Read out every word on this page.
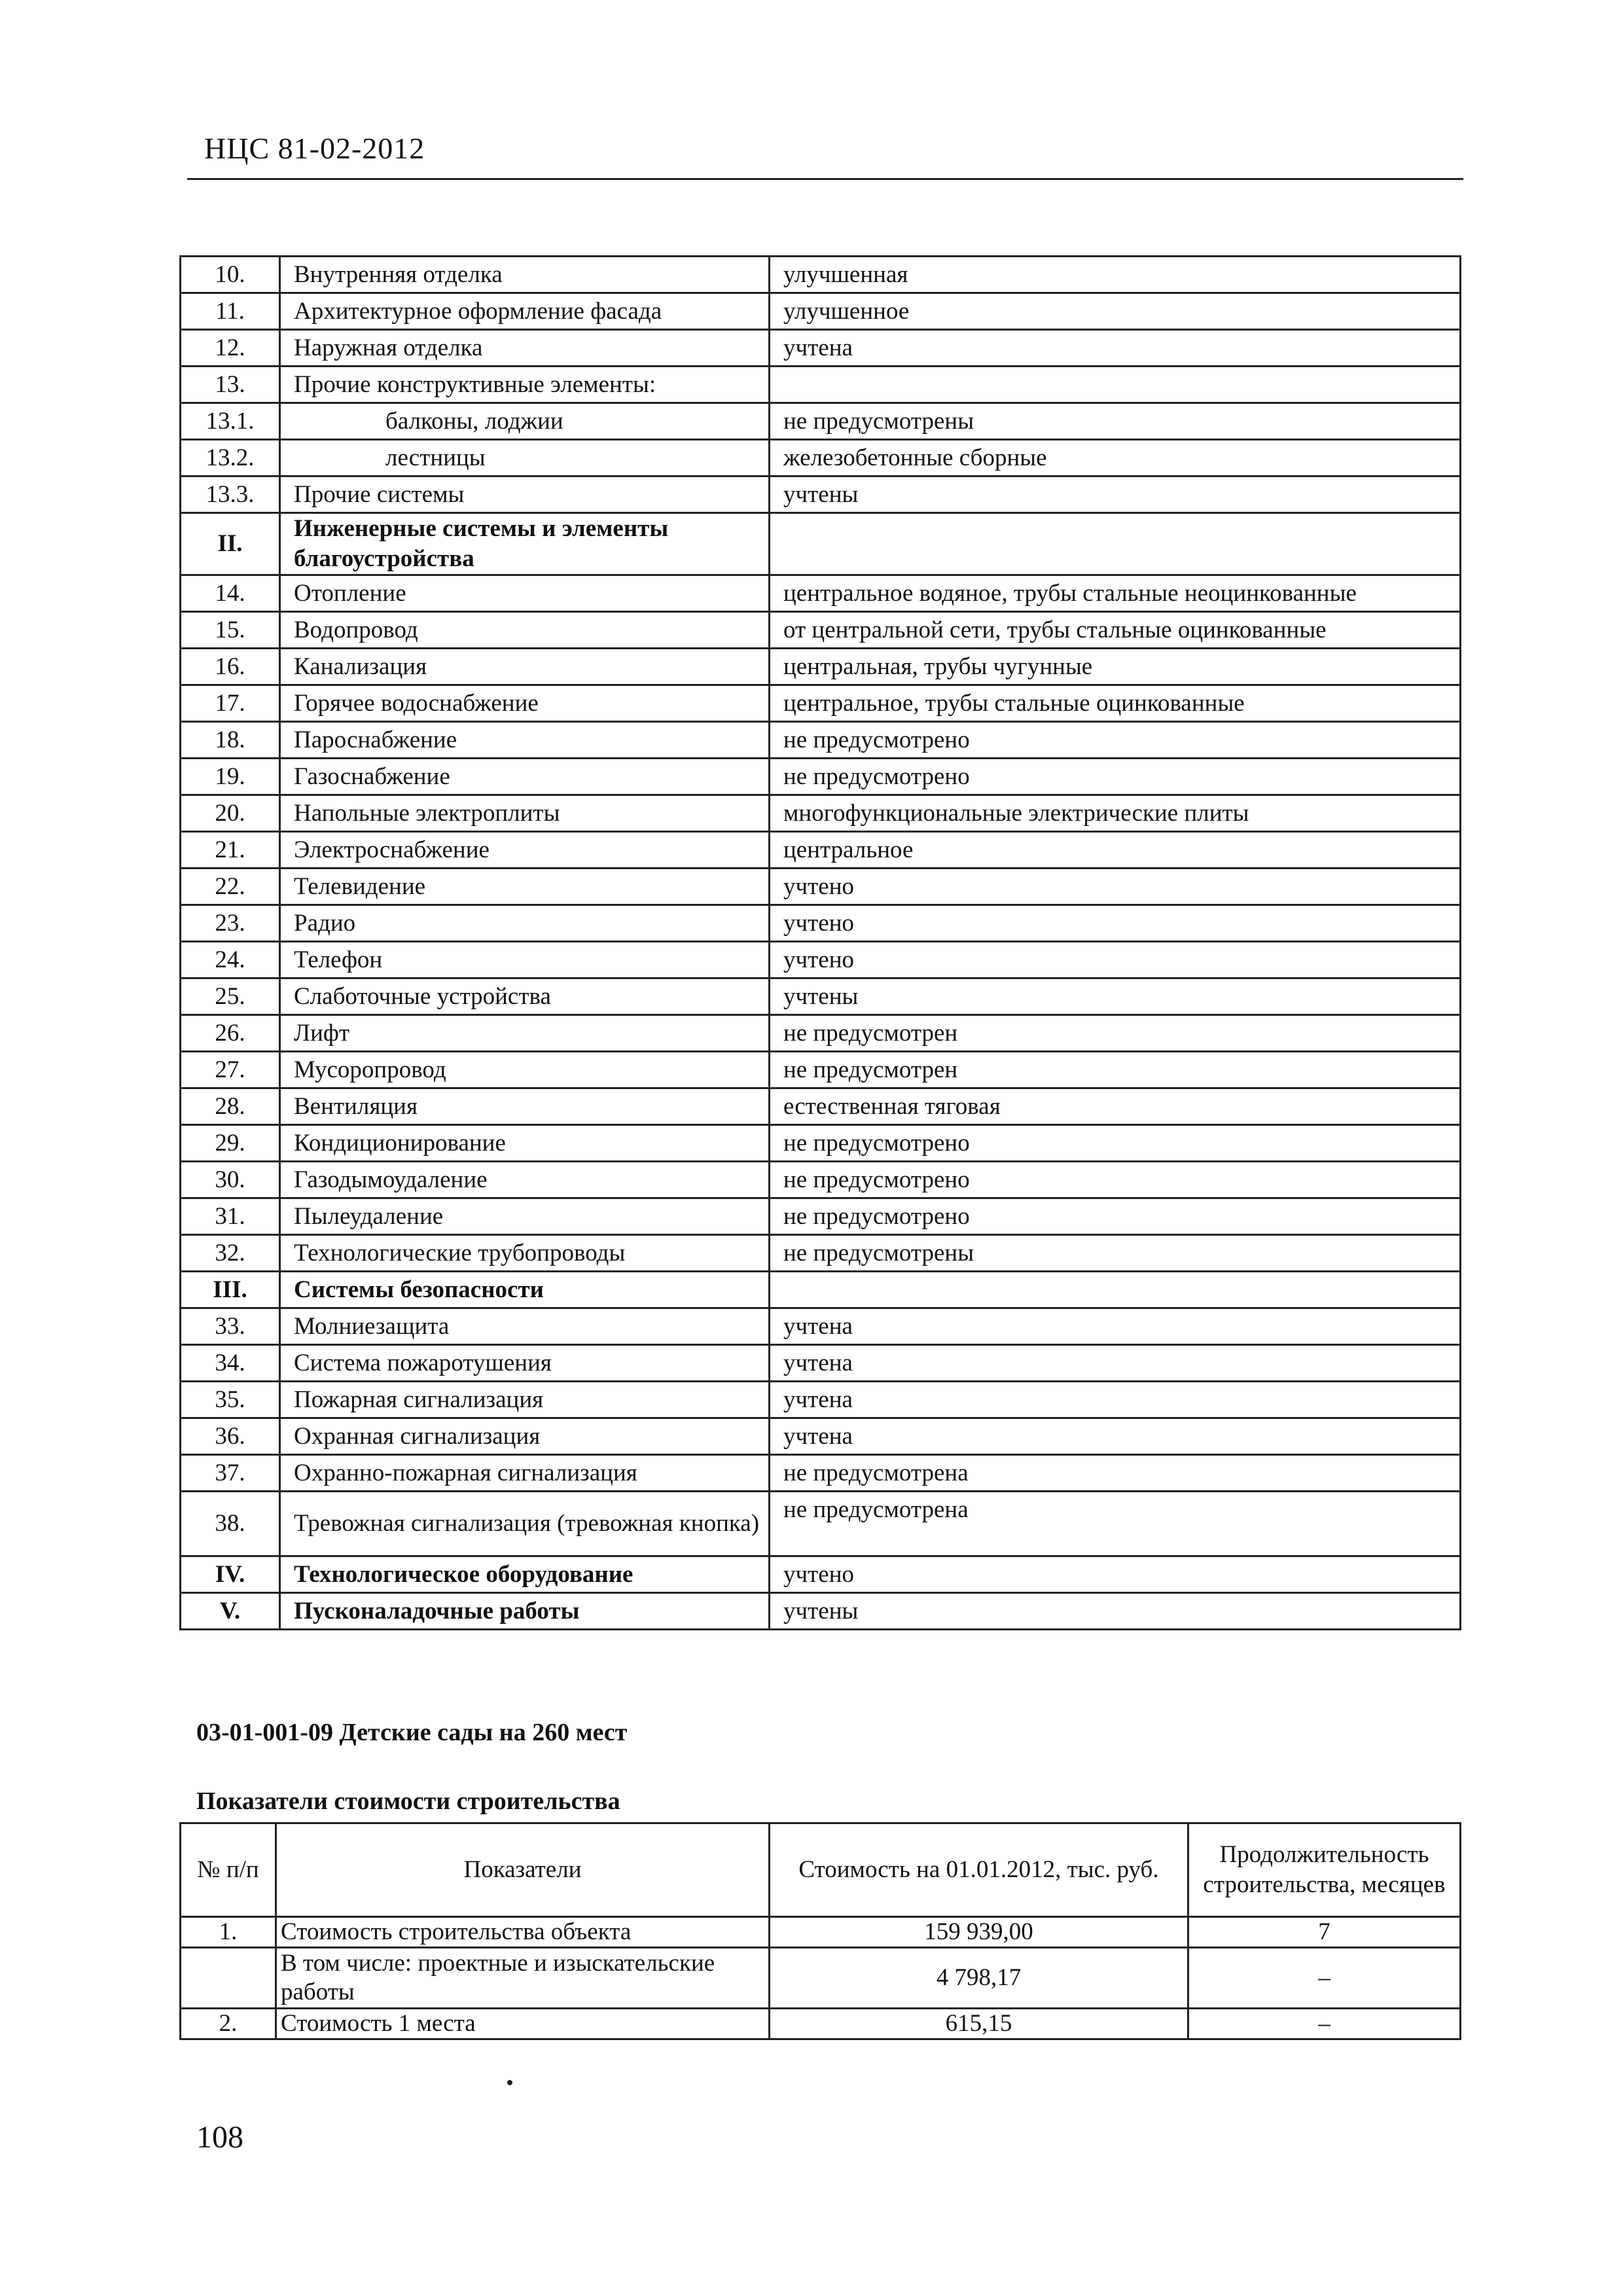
НЦС 81-02-2012
10.	Внутренняя отделка	улучшенная
11.	Архитектурное оформление фасада	улучшенное
12.	Наружная отделка	учтена
13.	Прочие конструктивные элементы:	
13.1.	балконы, лоджии	не предусмотрены
13.2.	лестницы	железобетонные сборные
13.3.	Прочие системы	учтены
II.	Инженерные системы и элементы благоустройства	
14.	Отопление	центральное водяное, трубы стальные неоцинкованные
15.	Водопровод	от центральной сети, трубы стальные оцинкованные
16.	Канализация	центральная, трубы чугунные
17.	Горячее водоснабжение	центральное, трубы стальные оцинкованные
18.	Пароснабжение	не предусмотрено
19.	Газоснабжение	не предусмотрено
20.	Напольные электроплиты	многофункциональные электрические плиты
21.	Электроснабжение	центральное
22.	Телевидение	учтено
23.	Радио	учтено
24.	Телефон	учтено
25.	Слаботочные устройства	учтены
26.	Лифт	не предусмотрен
27.	Мусоропровод	не предусмотрен
28.	Вентиляция	естественная тяговая
29.	Кондиционирование	не предусмотрено
30.	Газодымоудаление	не предусмотрено
31.	Пылеудаление	не предусмотрено
32.	Технологические трубопроводы	не предусмотрены
III.	Системы безопасности	
33.	Молниезащита	учтена
34.	Система пожаротушения	учтена
35.	Пожарная сигнализация	учтена
36.	Охранная сигнализация	учтена
37.	Охранно-пожарная сигнализация	не предусмотрена
38.	Тревожная сигнализация (тревожная кнопка)	не предусмотрена
IV.	Технологическое оборудование	учтено
V.	Пусконаладочные работы	учтены
03-01-001-09 Детские сады на 260 мест
Показатели стоимости строительства
№ п/п	Показатели	Стоимость на 01.01.2012, тыс. руб.	Продолжительность строительства, месяцев
1.	Стоимость строительства объекта	159 939,00	7
	В том числе: проектные и изыскательские работы	4 798,17	–
2.	Стоимость 1 места	615,15	–
108
